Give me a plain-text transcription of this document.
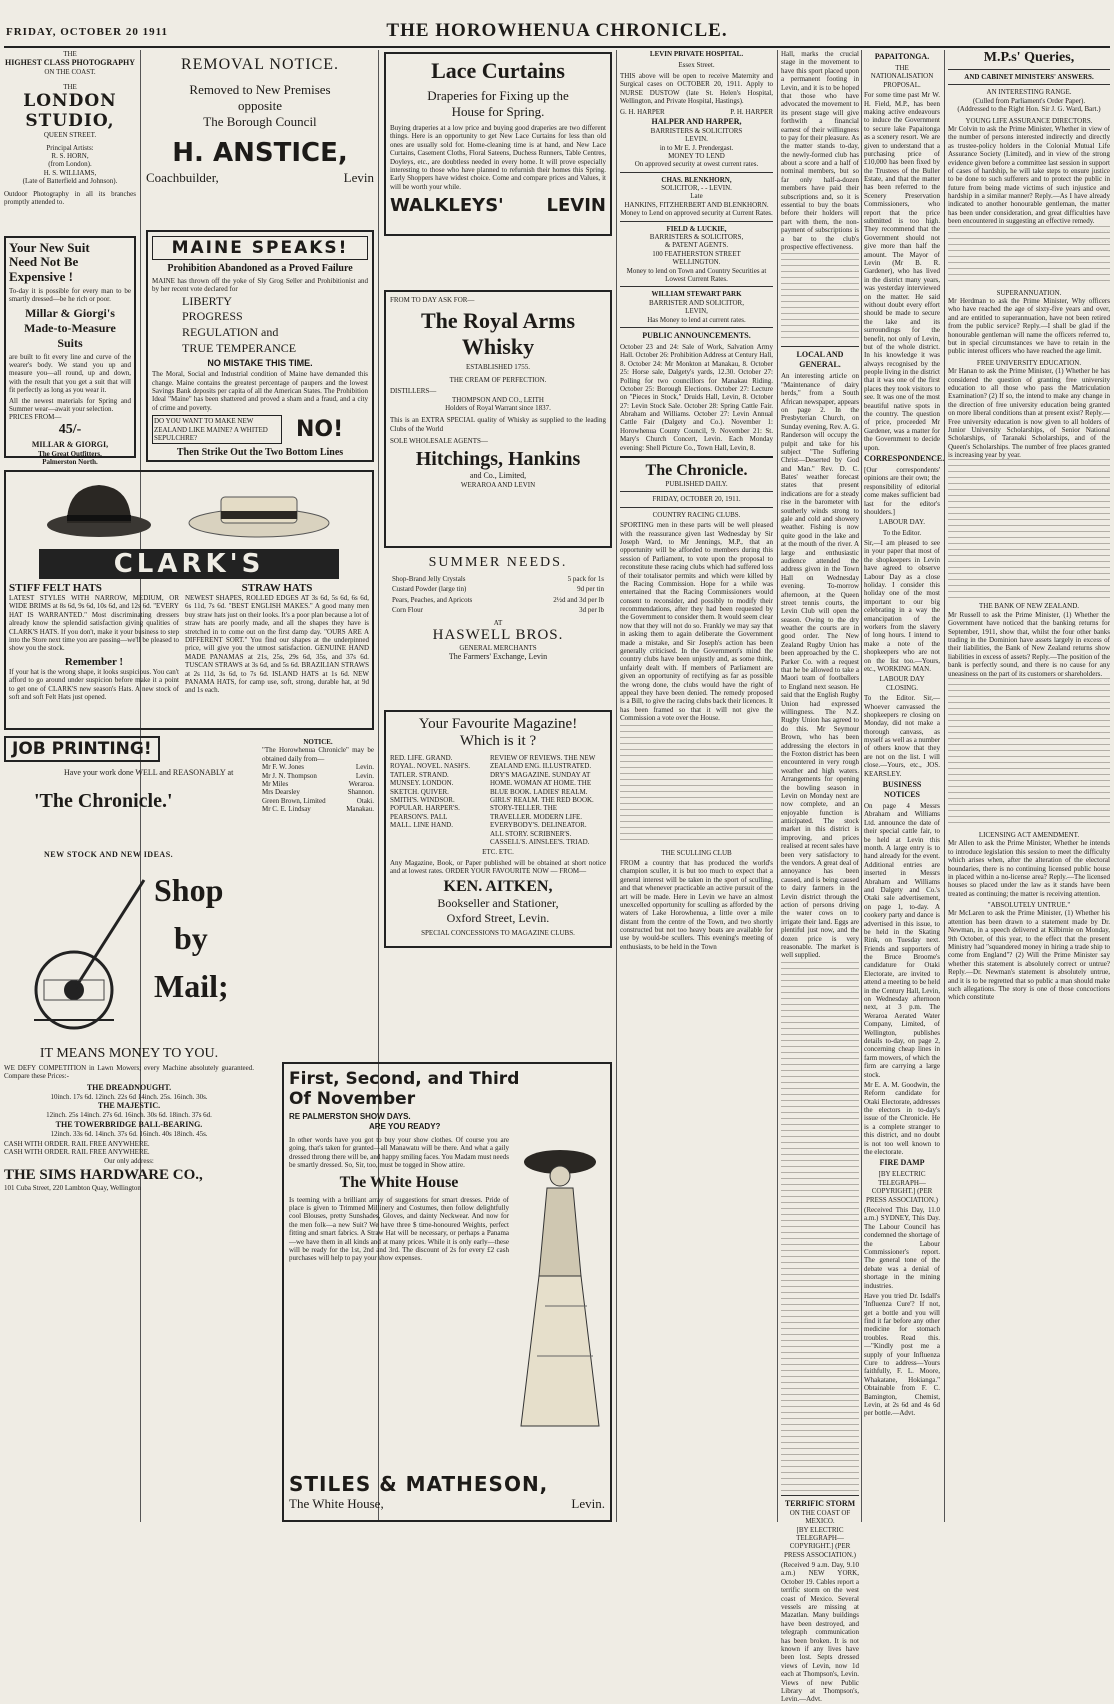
FRIDAY, OCTOBER 20 1911	THE HOROWHENUA CHRONICLE.
THE
HIGHEST CLASS PHOTOGRAPHY
ON THE COAST.
THE
LONDON STUDIO,
QUEEN STREET.
Principal Artists:
R. S. HORN,
(from London).
H. S. WILLIAMS,
(Late of Batterfield and Johnson).

Outdoor Photography in all its branches promptly attended to.

Your New Suit
Need Not Be
Expensive !

To-day it is possible for every man to be smartly dressed—be he rich or poor.

Millar & Giorgi's
Made-to-Measure
Suits

are built to fit every line and curve of the wearer's body. We stand you up and measure you—all round, up and down, with the result that you get a suit that will fit perfectly as long as you wear it.

All the newest materials for Spring and Summer wear—await your selection.

PRICES FROM—
45/-
MILLAR & GIORGI,
The Great Outfitters,
Palmerston North.
CLARK'S
STIFF FELT HATS

LATEST STYLES WITH NARROW, MEDIUM, OR WIDE BRIMS at 8s 6d, 9s 6d, 10s 6d, and 12s 6d. "EVERY HAT IS WARRANTED." Most discriminating dressers already know the splendid satisfaction giving qualities of CLARK'S HATS. If you don't, make it your business to step into the Store next time you are passing—we'll be pleased to show you the stock.

Remember !

If your hat is the wrong shape, it looks suspicious. You can't afford to go around under suspicion before make it a point to get one of CLARK'S new season's Hats. A new stock of soft and soft Felt Hats just opened.

STRAW HATS

NEWEST SHAPES, ROLLED EDGES AT 3s 6d, 5s 6d, 6s 6d, 6s 11d, 7s 6d. "BEST ENGLISH MAKES." A good many men buy straw hats just on their looks. It's a poor plan because a lot of straw hats are poorly made, and all the shapes they have is stretched in to come out on the first damp day. "OURS ARE A DIFFERENT SORT." You find our shapes at the underpinned price, will give you the utmost satisfaction. GENUINE HAND MADE PANAMAS at 21s, 25s, 29s 6d, 35s, and 37s 6d. TUSCAN STRAWS at 3s 6d, and 5s 6d. BRAZILIAN STRAWS at 2s 11d, 3s 6d, to 7s 6d. ISLAND HATS at 1s 6d. NEW PANAMA HATS, for camp use, soft, strong, durable hat, at 9d and 1s each.

JOB PRINTING!
Have your work done WELL and REASONABLY at
'The Chronicle.'
NEW STOCK AND NEW IDEAS.
Shop
by
Mail;
IT MEANS MONEY TO YOU.

WE DEFY COMPETITION in Lawn Mowers; every Machine absolutely guaranteed. Compare these Prices:-

THE DREADNOUGHT.
10inch. 17s 6d. 12inch. 22s 6d 14inch. 25s. 16inch. 30s.
THE MAJESTIC.
12inch. 25s 14inch. 27s 6d. 16inch. 30s 6d. 18inch. 37s 6d.
THE TOWERBRIDGE BALL-BEARING.
12inch. 33s 6d. 14inch. 37s 6d. 16inch. 40s 18inch. 45s.
CASH WITH ORDER. RAIL FREE ANYWHERE.
CASH WITH ORDER. RAIL FREE ANYWHERE.
Our only address:
THE SIMS HARDWARE CO.,
101 Cuba Street, 220 Lambton Quay, Wellington
REMOVAL NOTICE.
Removed to New Premises
opposite
The Borough Council
H. ANSTICE,
Coachbuilder,	Levin
MAINE SPEAKS!
Prohibition Abandoned as a Proved Failure

MAINE has thrown off the yoke of Sly Grog Seller and Prohibitionist and by her recent vote declared for

LIBERTY
PROGRESS
REGULATION and
TRUE TEMPERANCE
NO MISTAKE THIS TIME.

The Moral, Social and Industrial condition of Maine have demanded this change. Maine contains the greatest percentage of paupers and the lowest Savings Bank deposits per capita of all the American States. The Prohibition Ideal "Maine" has been shattered and proved a sham and a fraud, and a city of crime and poverty.

DO YOU WANT TO MAKE NEW ZEALAND LIKE MAINE? A WHITED SEPULCHRE?	NO!
Then Strike Out the Two Bottom Lines
NOTICE.

"The Horowhenua Chronicle" may be obtained daily from—

Mr F. W. Jones	Levin.
Mr J. N. Thompson	Levin.
Mr Miles	Weraroa.
Mrs Dearsley	Shannon.
Green Brown, Limited	Otaki.
Mr C. E. Lindsay	Manakau.
Lace Curtains
Draperies for Fixing up the
House for Spring.

Buying draperies at a low price and buying good draperies are two different things. Here is an opportunity to get New Lace Curtains for less than old ones are usually sold for. Home-cleaning time is at hand, and New Lace Curtains, Casement Cloths, Floral Sateens, Duchess Runners, Table Centres, Doyleys, etc., are doubtless needed in every home. It will prove especially interesting to those who have planned to refurnish their homes this Spring. Early Shoppers have widest choice. Come and compare prices and Values, it will be worth your while.

WALKLEYS' LEVIN
FROM TO DAY ASK FOR—
The Royal Arms
Whisky
ESTABLISHED 1755.
THE CREAM OF PERFECTION.
DISTILLERS—
THOMPSON AND CO., LEITH
Holders of Royal Warrant since 1837.

This is an EXTRA SPECIAL quality of Whisky as supplied to the leading Clubs of the World

SOLE WHOLESALE AGENTS—
Hitchings, Hankins
and Co., Limited,
WERAROA AND LEVIN
SUMMER NEEDS.
Shop-Brand Jelly Crystals	5 pack for 1s
Custard Powder (large tin)	9d per tin
Pears, Peaches, and Apricots	2½d and 3d per lb
Corn Flour	3d per lb
AT
HASWELL BROS.
GENERAL MERCHANTS
The Farmers' Exchange, Levin
Your Favourite Magazine!
Which is it ?
RED. LIFE. GRAND. ROYAL. NOVEL. NASH'S. TATLER. STRAND. MUNSEY. LONDON. SKETCH. QUIVER. SMITH'S. WINDSOR. POPULAR. HARPER'S. PEARSON'S. PALL MALL. LINE HAND.
REVIEW OF REVIEWS. THE NEW ZEALAND ENG. ILLUSTRATED. DRY'S MAGAZINE. SUNDAY AT HOME. WOMAN AT HOME. THE BLUE BOOK. LADIES' REALM. GIRLS' REALM. THE RED BOOK. STORY-TELLER. THE TRAVELLER. MODERN LIFE. EVERYBODY'S. DELINEATOR. ALL STORY. SCRIBNER'S. CASSELL'S. AINSLEE'S. TRIAD.
ETC. ETC.

Any Magazine, Book, or Paper published will be obtained at short notice and at lowest rates. ORDER YOUR FAVOURITE NOW — FROM—

KEN. AITKEN,
Bookseller and Stationer,
Oxford Street, Levin.
SPECIAL CONCESSIONS TO MAGAZINE CLUBS.
First, Second, and Third
Of November
RE PALMERSTON SHOW DAYS.
ARE YOU READY?

In other words have you got to buy your show clothes. Of course you are going, that's taken for granted—all Manawatu will be there. And what a gaily dressed throng there will be, and happy smiling faces. You Madam must needs be smartly dressed. So, Sir, too, must be togged in Show attire.

The White House

Is teeming with a brilliant array of suggestions for smart dresses. Pride of place is given to Trimmed Millinery and Costumes, then follow delightfully cool Blouses, pretty Sunshades, Gloves, and dainty Neckwear. And now for the men folk—a new Suit? We have three $ time-honoured Weights, perfect fitting and smart fabrics. A Straw Hat will be necessary, or perhaps a Panama—we have them in all kinds and at many prices. While it is only early—these will be ready for the 1st, 2nd and 3rd. The discount of 2s for every £2 cash purchases will help to pay your show expenses.

STILES & MATHESON,
The White House,	Levin.
LEVIN PRIVATE HOSPITAL.
Essex Street.

THIS above will be open to receive Maternity and Surgical cases on OCTOBER 20, 1911. Apply to NURSE DUSTOW (late St. Helen's Hospital, Wellington, and Private Hospital, Hastings).

G. H. HARPER	P. H. HARPER
HALPER AND HARPER,
BARRISTERS & SOLICITORS
LEVIN.
in to Mr E. J. Prendergast.
MONEY TO LEND
On approved security at owest current rates.
CHAS. BLENKHORN,
SOLICITOR, - - LEVIN.
Late
HANKINS, FITZHERBERT AND BLENKHORN.
Money to Lend on approved security at Current Rates.
FIELD & LUCKIE,
BARRISTERS & SOLICITORS,
& PATENT AGENTS.
100 FEATHERSTON STREET
WELLINGTON.
Money to lend on Town and Country Securities at Lowest Current Rates.
WILLIAM STEWART PARK
BARRISTER AND SOLICITOR,
LEVIN,
Has Money to lend at current rates.
PUBLIC ANNOUNCEMENTS.

October 23 and 24: Sale of Work, Salvation Army Hall. October 26: Prohibition Address at Century Hall, 8. October 24: Mr Monkton at Manakau, 8. October 25: Horse sale, Dalgety's yards, 12.30. October 27: Polling for two councillors for Manakau Riding. October 25: Borough Elections. October 27: Lecture on "Pieces in Stock," Druids Hall, Levin, 8. October 27: Levin Stock Sale. October 28: Spring Cattle Fair. Abraham and Williams. October 27: Levin Annual Cattle Fair (Dalgety and Co.). November 1: Horowhenua County Council, 9. November 21: St. Mary's Church Concert, Levin. Each Monday evening: Shell Picture Co., Town Hall, Levin, 8.

The Chronicle.
PUBLISHED DAILY.
FRIDAY, OCTOBER 20, 1911.
COUNTRY RACING CLUBS.

SPORTING men in these parts will be well pleased with the reassurance given last Wednesday by Sir Joseph Ward, to Mr Jennings, M.P., that an opportunity will be afforded to members during this session of Parliament, to vote upon the proposal to reconstitute these racing clubs which had suffered loss of their totalisator permits and which were killed by the Racing Commission. Hope for a while was entertained that the Racing Commissioners would consent to reconsider, and possibly to modify their recommendations, after they had been requested by the Government to consider them. It would seem clear now that they will not do so. Frankly we may say that in asking them to again deliberate the Government made a mistake, and Sir Joseph's action has been generally criticised. In the Government's mind the country clubs have been unjustly and, as some think, unfairly dealt with. If members of Parliament are given an opportunity of rectifying as far as possible the wrong done, the clubs would have the right of appeal they have been denied. The remedy proposed is a Bill, to give the racing clubs back their licences. It has been framed so that it will not give the Commission a vote over the House.

THE SCULLING CLUB

FROM a country that has produced the world's champion sculler, it is but too much to expect that a general interest will be taken in the sport of sculling, and that whenever practicable an active pursuit of the art will be made. Here in Levin we have an almost unexcelled opportunity for sculling as afforded by the waters of Lake Horowhenua, a little over a mile distant from the centre of the Town, and two shortly constructed but not too heavy boats are available for use by would-be scullers. This evening's meeting of enthusiasts, to be held in the Town

Hall, marks the crucial stage in the movement to have this sport placed upon a permanent footing in Levin, and it is to be hoped that those who have advocated the movement to its present stage will give forthwith a financial earnest of their willingness to pay for their pleasure. As the matter stands to-day, the newly-formed club has about a score and a half of nominal members, but so far only half-a-dozen members have paid their subscriptions and, so it is essential to buy the boats before their holders will part with them, the non-payment of subscriptions is a bar to the club's prospective effectiveness.

LOCAL AND GENERAL.

An interesting article on "Maintenance of dairy herds," from a South African newspaper, appears on page 2. In the Presbyterian Church, on Sunday evening, Rev. A. G. Randerson will occupy the pulpit and take for his subject "The Suffering Christ—Deserted by God and Man." Rev. D. C. Bates' weather forecast states that present indications are for a steady rise in the barometer with southerly winds strong to gale and cold and showery weather. Fishing is now quite good in the lake and at the mouth of the river. A large and enthusiastic audience attended the address given in the Town Hall on Wednesday evening. To-morrow afternoon, at the Queen street tennis courts, the Levin Club will open the season. Owing to the dry weather the courts are in good order. The New Zealand Rugby Union has been approached by the C. Parker Co. with a request that he be allowed to take a Maori team of footballers to England next season. He said that the English Rugby Union had expressed willingness. The N.Z. Rugby Union has agreed to do this. Mr Seymour Brown, who has been addressing the electors in the Foxton district has been encountered in very rough weather and high waters. Arrangements for opening the bowling season in Levin on Monday next are now complete, and an enjoyable function is anticipated. The stock market in this district is improving, and prices realised at recent sales have been very satisfactory to the vendors. A great deal of annoyance has been caused, and is being caused to dairy farmers in the Levin district through the action of persons driving the water cows on to irrigate their land. Eggs are plentiful just now, and the dozen price is very reasonable. The market is well supplied.

TERRIFIC STORM
ON THE COAST OF MEXICO.
[BY ELECTRIC TELEGRAPH—COPYRIGHT.] (PER PRESS ASSOCIATION.)

(Received 9 a.m. Day, 9.10 a.m.) NEW YORK, October 19. Cables report a terrific storm on the west coast of Mexico. Several vessels are missing at Mazatlan. Many buildings have been destroyed, and telegraph communication has been broken. It is not known if any lives have been lost. Septs dressed views of Levin, now 1d each at Thompson's, Levin. Views of new Public Library at Thompson's, Levin.—Advt.

M.P.s' Queries,
AND CABINET MINISTERS' ANSWERS.
AN INTERESTING RANGE.
(Culled from Parliament's Order Paper).
(Addressed to the Right Hon. Sir J. G. Ward, Bart.)
YOUNG LIFE ASSURANCE DIRECTORS.

Mr Colvin to ask the Prime Minister, Whether in view of the number of persons interested indirectly and directly as trustee-policy holders in the Colonial Mutual Life Assurance Society (Limited), and in view of the strong evidence given before a committee last session in support of cases of hardship, he will take steps to ensure justice to be done to such sufferers and to protect the public in future from being made victims of such injustice and hardship in a similar manner? Reply.—As I have already indicated to another honourable gentleman, the matter has been under consideration, and great difficulties have been encountered in suggesting an effective remedy.

SUPERANNUATION.

Mr Herdman to ask the Prime Minister, Why officers who have reached the age of sixty-five years and over, and are entitled to superannuation, have not been retired from the public service? Reply.—I shall be glad if the honourable gentleman will name the officers referred to, but in special circumstances we have to retain in the public interest officers who have reached the age limit.

FREE UNIVERSITY EDUCATION.

Mr Hanan to ask the Prime Minister, (1) Whether he has considered the question of granting free university education to all those who pass the Matriculation Examination? (2) If so, the intend to make any change in the direction of free university education being granted on more liberal conditions than at present exist? Reply.—Free university education is now given to all holders of Junior University Scholarships, of Senior National Scholarships, of Taranaki Scholarships, and of the Queen's Scholarships. The number of free places granted is increasing year by year.

THE BANK OF NEW ZEALAND.

Mr Russell to ask the Prime Minister, (1) Whether the Government have noticed that the banking returns for September, 1911, show that, whilst the four other banks trading in the Dominion have assets largely in excess of their liabilities, the Bank of New Zealand returns show liabilities in excess of assets? Reply.—The position of the bank is perfectly sound, and there is no cause for any uneasiness on the part of its customers or shareholders.

LICENSING ACT AMENDMENT.

Mr Allen to ask the Prime Minister, Whether he intends to introduce legislation this session to meet the difficulty which arises when, after the alteration of the electoral boundaries, there is no continuing licensed public house in placed within a no-license area? Reply.—The licensed houses so placed under the law as it stands have been treated as continuing; the matter is receiving attention.

"ABSOLUTELY UNTRUE."

Mr McLaren to ask the Prime Minister, (1) Whether his attention has been drawn to a statement made by Dr. Newman, in a speech delivered at Kilbirnie on Monday, 9th October, of this year, to the effect that the present Ministry had "squandered money in hiring a trade ship to come from England"? (2) Will the Prime Minister say whether this statement is absolutely correct or untrue? Reply.—Dr. Newman's statement is absolutely untrue, and it is to be regretted that so public a man should make such allegations. The story is one of those concoctions which constitute

PAPAITONGA.
THE NATIONALISATION PROPOSAL.

For some time past Mr W. H. Field, M.P., has been making active endeavours to induce the Government to secure lake Papaitonga as a scenery resort. We are given to understand that a purchasing price of £10,000 has been fixed by the Trustees of the Buller Estate, and that the matter has been referred to the Scenery Preservation Commissioners, who report that the price submitted is too high. They recommend that the Government should not give more than half the amount. The Mayor of Levin (Mr B. R. Gardener), who has lived in the district many years, was yesterday interviewed on the matter. He said without doubt every effort should be made to secure the lake and its surroundings for the benefit, not only of Levin, but of the whole district. In his knowledge it was always recognised by the people living in the district that it was one of the first places they took visitors to see. It was one of the most beautiful native spots in the country. The question of price, proceeded Mr Gardener, was a matter for the Government to decide upon.

CORRESPONDENCE.

[Our correspondents' opinions are their own; the responsibility of editorial come makes sufficient bad last for the editor's shoulders.]

LABOUR DAY.
To the Editor.

Sir,—I am pleased to see in your paper that most of the shopkeepers in Levin have agreed to observe Labour Day as a close holiday. I consider this holiday one of the most important to our big celebrating in a way the emancipation of the workers from the slavery of long hours. I intend to make a note of the shopkeepers who are not on the list too.—Yours, etc., WORKING MAN.

LABOUR DAY CLOSING.

To the Editor. Sir,—Whoever canvassed the shopkeepers re closing on Monday, did not make a thorough canvass, as myself as well as a number of others know that they are not on the list. I will close.—Yours, etc., JOS. KEARSLEY.

BUSINESS NOTICES

On page 4 Messrs Abraham and Williams Ltd. announce the date of their special cattle fair, to be held at Levin this month. A large entry is to hand already for the event. Additional entries are inserted in Messrs Abraham and Williams and Dalgety and Co.'s Otaki sale advertisement, on page 1, to-day. A cookery party and dance is advertised in this issue, to be held in the Skating Rink, on Tuesday next. Friends and supporters of the Bruce Broome's candidature for Otaki Electorate, are invited to attend a meeting to be held in the Century Hall, Levin, on Wednesday afternoon next, at 3 p.m. The Weraroa Aerated Water Company, Limited, of Wellington, publishes details to-day, on page 2, concerning cheap lines in farm mowers, of which the firm are carrying a large stock.

Mr E. A. M. Goodwin, the Reform candidate for Otaki Electorate, addresses the electors in to-day's issue of the Chronicle. He is a complete stranger to this district, and no doubt is not too well known to the electorate.

FIRE DAMP
[BY ELECTRIC TELEGRAPH—COPYRIGHT.] (PER PRESS ASSOCIATION.)

(Received This Day, 11.0 a.m.) SYDNEY, This Day. The Labour Council has condemned the shortage of the Labour Commissioner's report. The general tone of the debate was a denial of shortage in the mining industries.

Have you tried Dr. Isdall's 'Influenza Cure'? If not, get a bottle and you will find it far before any other medicine for stomach troubles. Read this.—"Kindly post me a supply of your Influenza Cure to address—Yours faithfully, F. L. Moore, Whakatane, Hokianga." Obtainable from F. C. Bamington, Chemist, Levin, at 2s 6d and 4s 6d per bottle.—Advt.
